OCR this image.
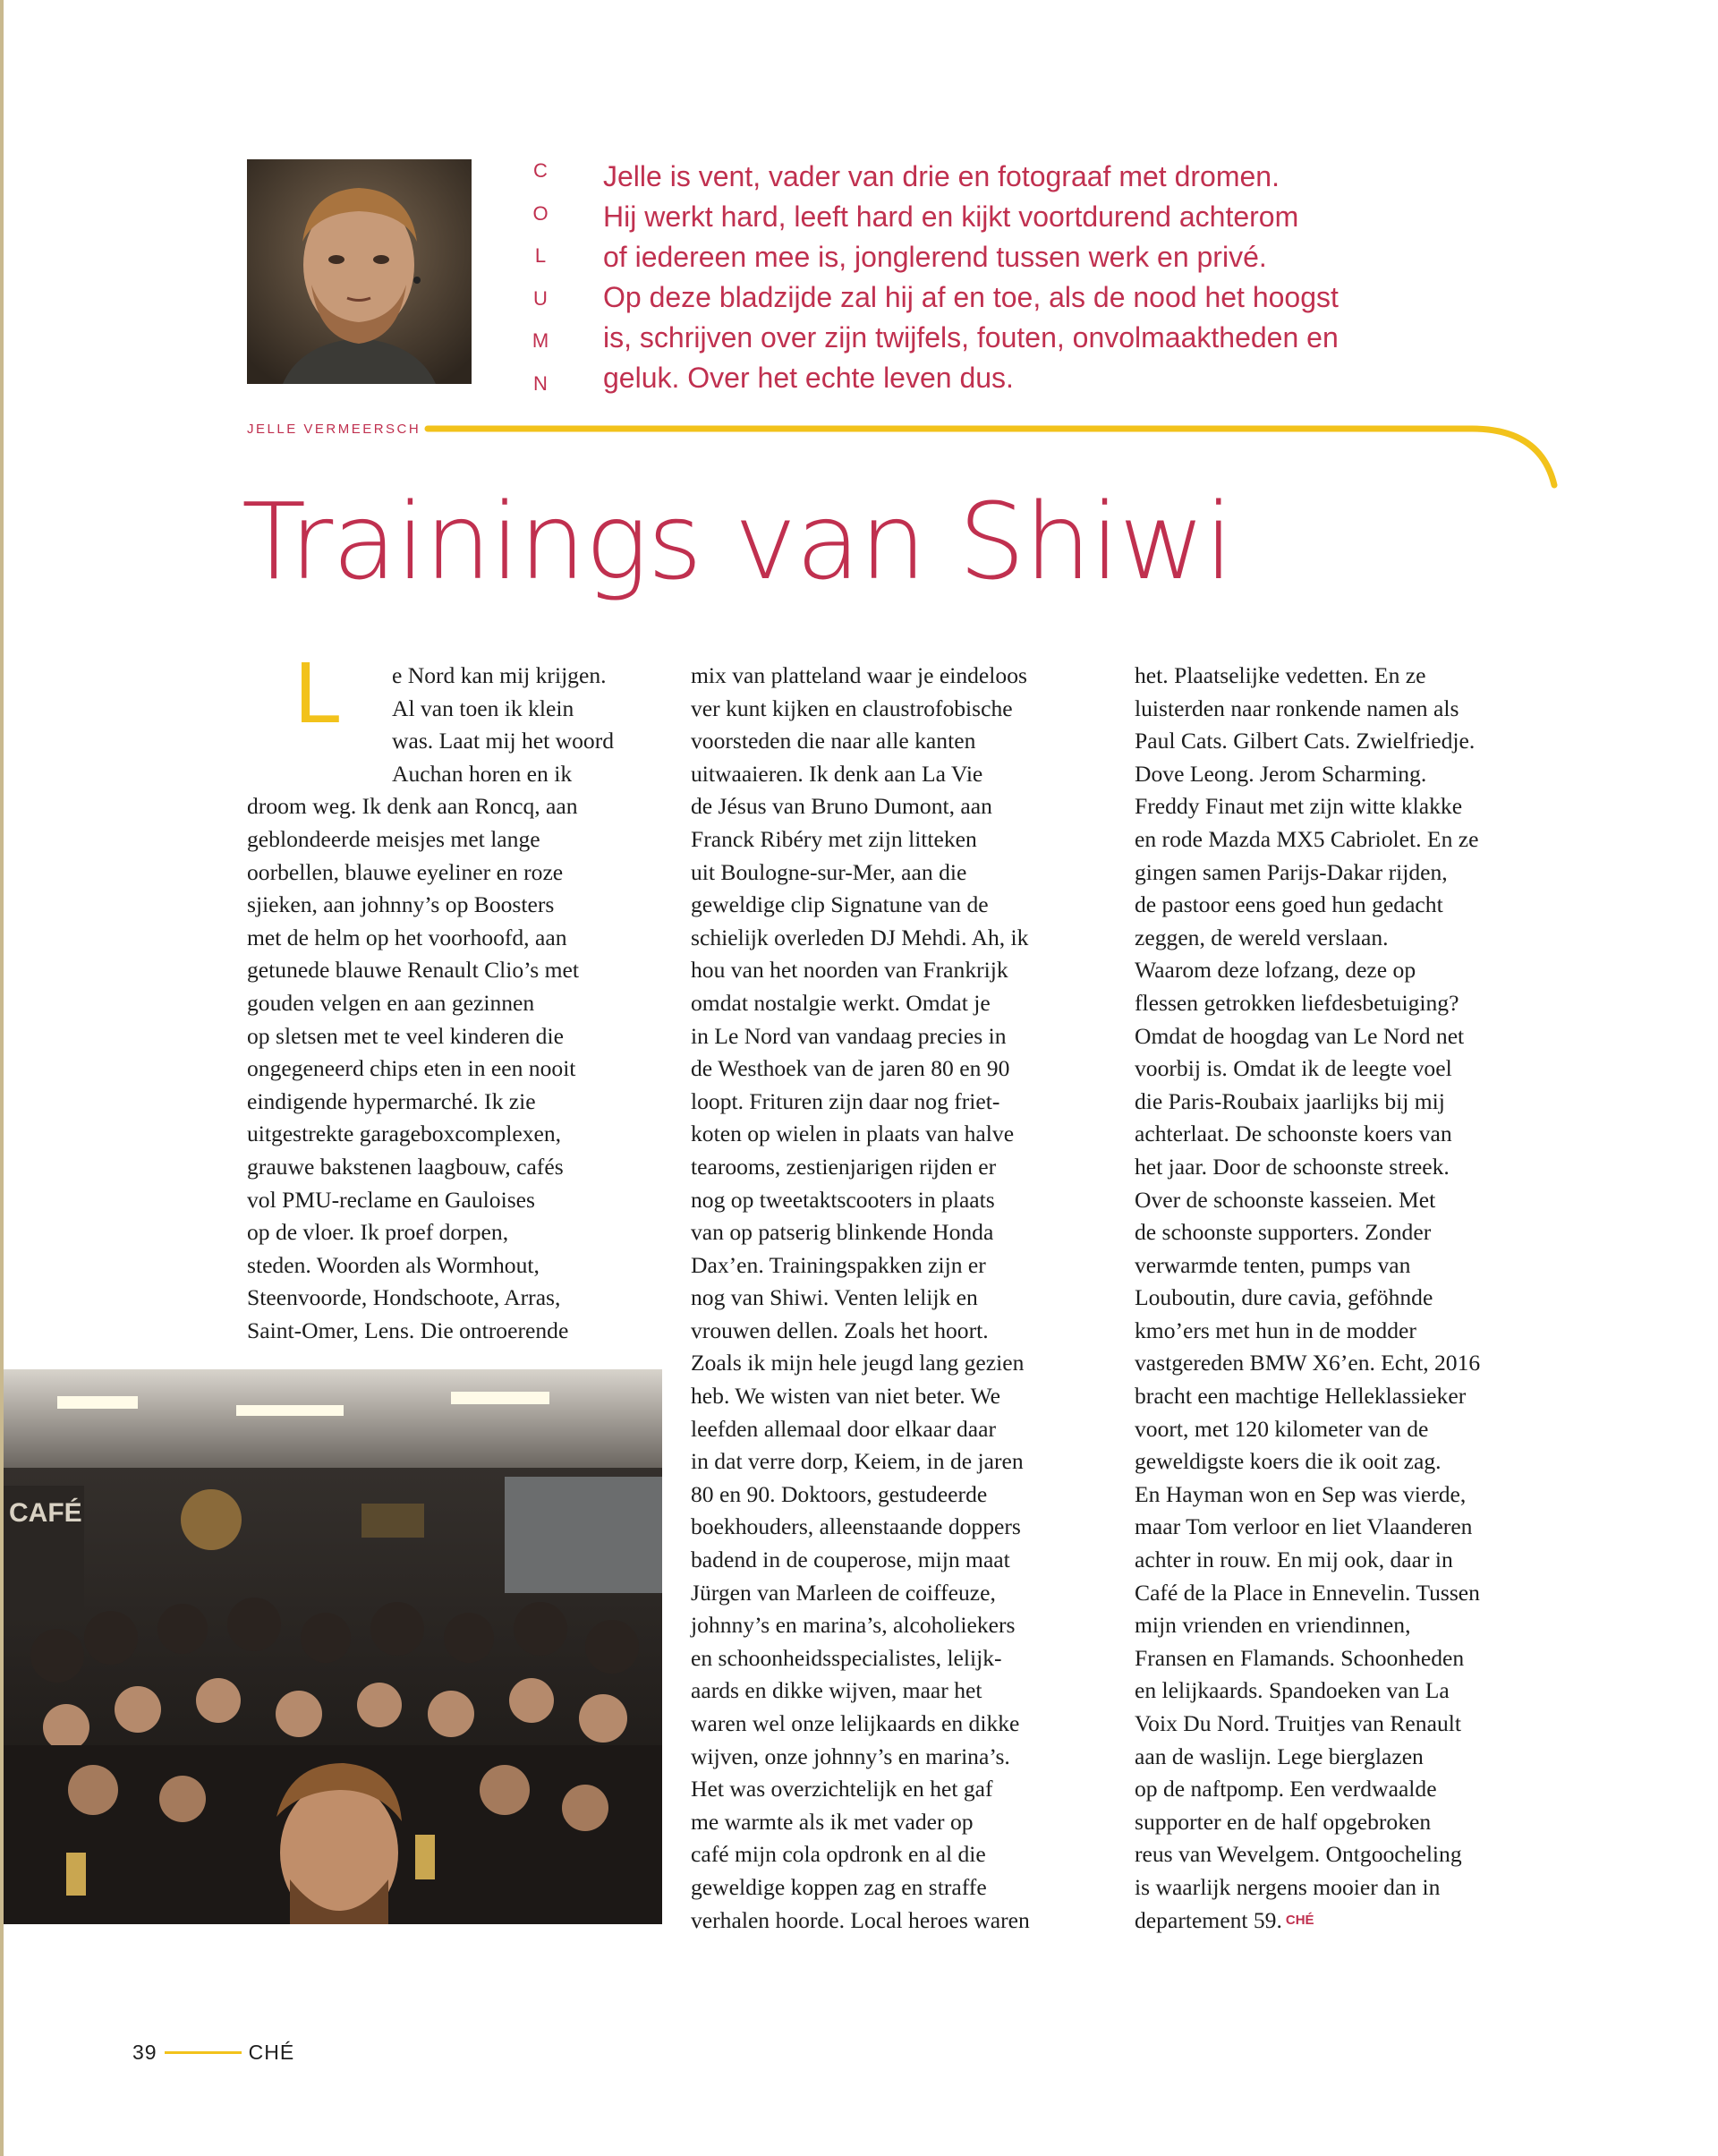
C
O
L
U
M
N
Jelle is vent, vader van drie en fotograaf met dromen.
Hij werkt hard, leeft hard en kijkt voortdurend achterom
of iedereen mee is, jonglerend tussen werk en privé.
Op deze bladzijde zal hij af en toe, als de nood het hoogst
is, schrijven over zijn twijfels, fouten, onvolmaaktheden en
geluk. Over het echte leven dus.
JELLE VERMEERSCH
Trainings van Shiwi
L	e Nord kan mij krijgen.
Al van toen ik klein
was. Laat mij het woord
Auchan horen en ik
droom weg. Ik denk aan Roncq, aan
geblondeerde meisjes met lange
oorbellen, blauwe eyeliner en roze
sjieken, aan johnny’s op Boosters
met de helm op het voorhoofd, aan
getunede blauwe Renault Clio’s met
gouden velgen en aan gezinnen
op sletsen met te veel kinderen die
ongegeneerd chips eten in een nooit
eindigende hypermarché. Ik zie
uitgestrekte garageboxcomplexen,
grauwe bakstenen laagbouw, cafés
vol PMU-reclame en Gauloises
op de vloer. Ik proef dorpen,
steden. Woorden als Wormhout,
Steenvoorde, Hondschoote, Arras,
Saint-Omer, Lens. Die ontroerende
CAFÉ
mix van platteland waar je eindeloos
ver kunt kijken en claustrofobische
voorsteden die naar alle kanten
uitwaaieren. Ik denk aan La Vie
de Jésus van Bruno Dumont, aan
Franck Ribéry met zijn litteken
uit Boulogne-sur-Mer, aan die
geweldige clip Signatune van de
schielijk overleden DJ Mehdi. Ah, ik
hou van het noorden van Frankrijk
omdat nostalgie werkt. Omdat je
in Le Nord van vandaag precies in
de Westhoek van de jaren 80 en 90
loopt. Frituren zijn daar nog friet-
koten op wielen in plaats van halve
tearooms, zestienjarigen rijden er
nog op tweetaktscooters in plaats
van op patserig blinkende Honda
Dax’en. Trainingspakken zijn er
nog van Shiwi. Venten lelijk en
vrouwen dellen. Zoals het hoort.
Zoals ik mijn hele jeugd lang gezien
heb. We wisten van niet beter. We
leefden allemaal door elkaar daar
in dat verre dorp, Keiem, in de jaren
80 en 90. Doktoors, gestudeerde
boekhouders, alleenstaande doppers
badend in de couperose, mijn maat
Jürgen van Marleen de coiffeuze,
johnny’s en marina’s, alcoholiekers
en schoonheidsspecialistes, lelijk-
aards en dikke wijven, maar het
waren wel onze lelijkaards en dikke
wijven, onze johnny’s en marina’s.
Het was overzichtelijk en het gaf
me warmte als ik met vader op
café mijn cola opdronk en al die
geweldige koppen zag en straffe
verhalen hoorde. Local heroes waren
het. Plaatselijke vedetten. En ze
luisterden naar ronkende namen als
Paul Cats. Gilbert Cats. Zwielfriedje.
Dove Leong. Jerom Scharming.
Freddy Finaut met zijn witte klakke
en rode Mazda MX5 Cabriolet. En ze
gingen samen Parijs-Dakar rijden,
de pastoor eens goed hun gedacht
zeggen, de wereld verslaan.
Waarom deze lofzang, deze op
flessen getrokken liefdesbetuiging?
Omdat de hoogdag van Le Nord net
voorbij is. Omdat ik de leegte voel
die Paris-Roubaix jaarlijks bij mij
achterlaat. De schoonste koers van
het jaar. Door de schoonste streek.
Over de schoonste kasseien. Met
de schoonste supporters. Zonder
verwarmde tenten, pumps van
Louboutin, dure cavia, geföhnde
kmo’ers met hun in de modder
vastgereden BMW X6’en. Echt, 2016
bracht een machtige Helleklassieker
voort, met 120 kilometer van de
geweldigste koers die ik ooit zag.
En Hayman won en Sep was vierde,
maar Tom verloor en liet Vlaanderen
achter in rouw. En mij ook, daar in
Café de la Place in Ennevelin. Tussen
mijn vrienden en vriendinnen,
Fransen en Flamands. Schoonheden
en lelijkaards. Spandoeken van La
Voix Du Nord. Truitjes van Renault
aan de waslijn. Lege bierglazen
op de naftpomp. Een verdwaalde
supporter en de half opgebroken
reus van Wevelgem. Ontgoocheling
is waarlijk nergens mooier dan in
departement 59. CHÉ
39	CHÉ
